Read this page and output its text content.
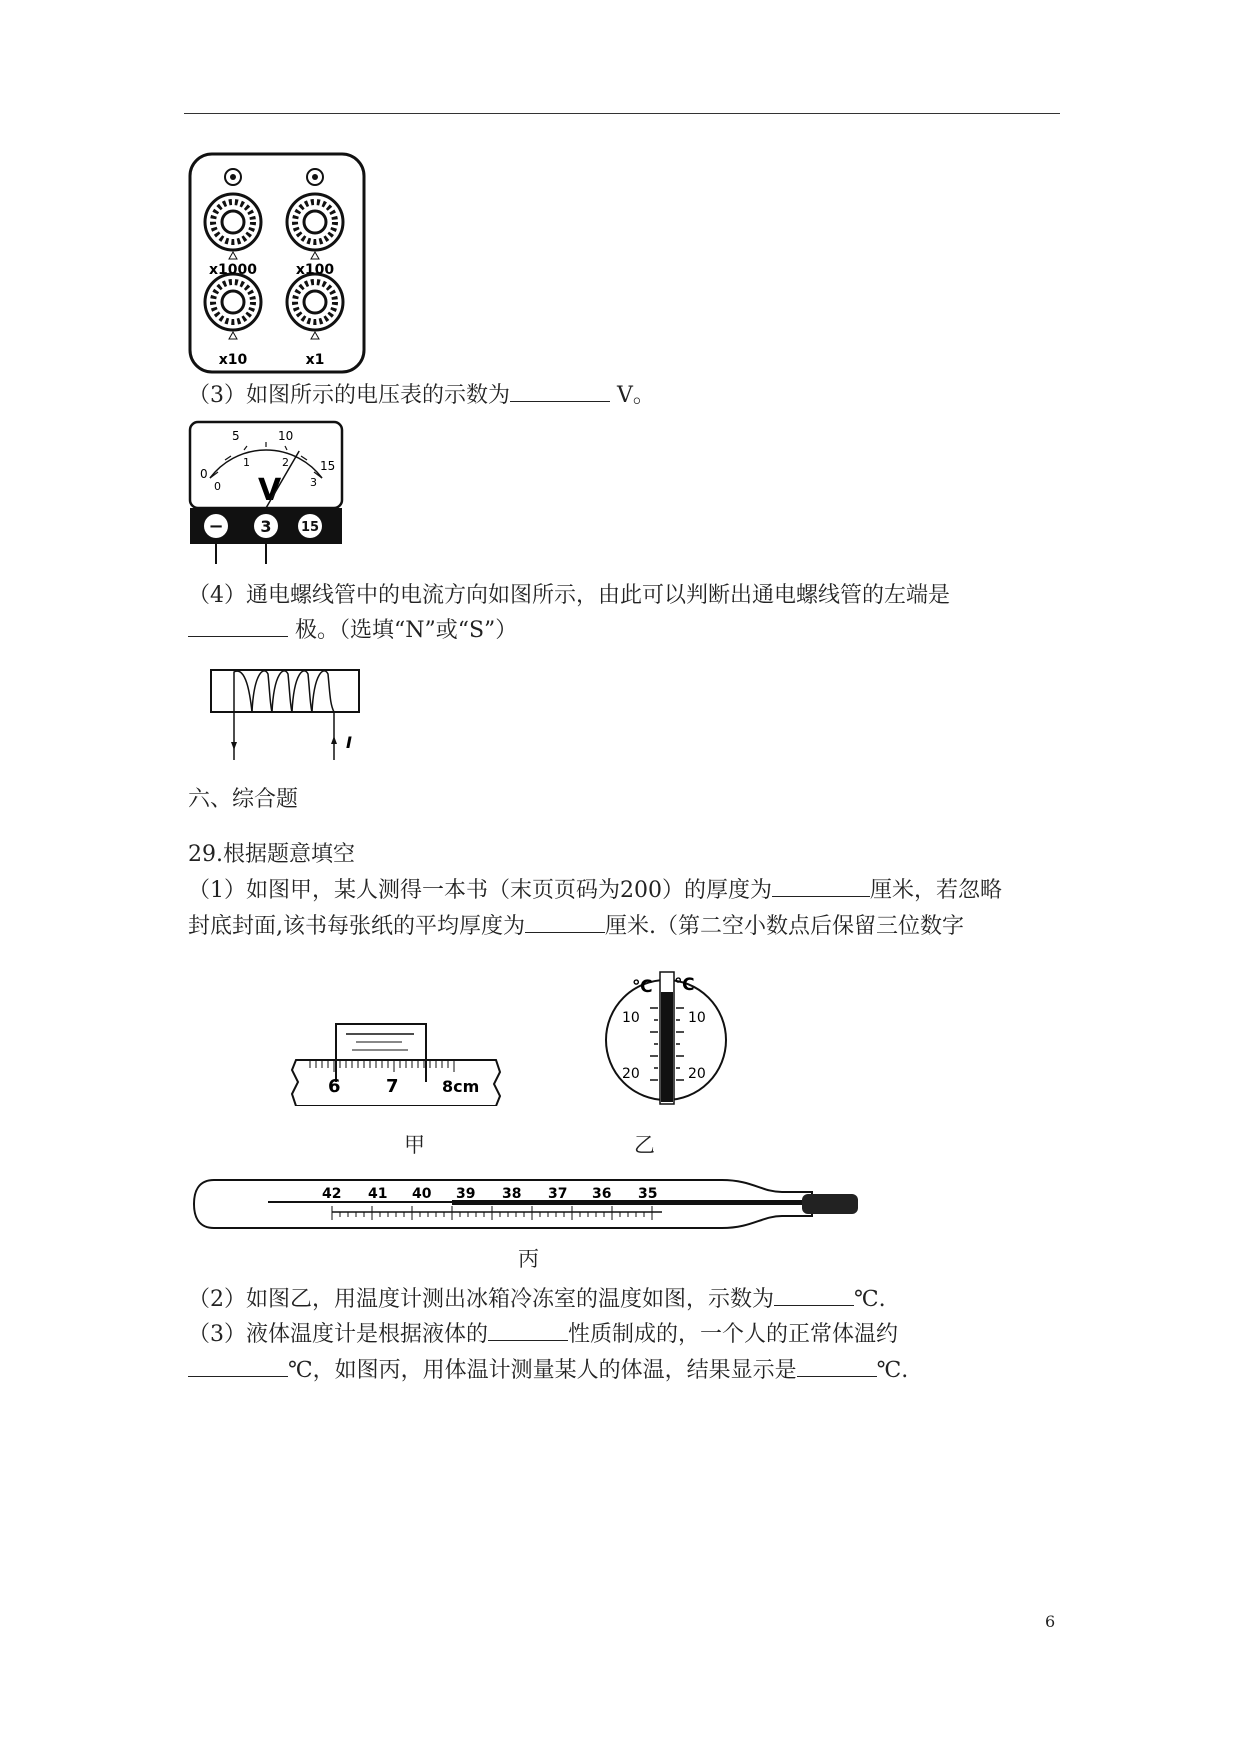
x1000	x100
x10	x1
（3）如图所示的电压表的示数为	V。
0
5	10
15
0
1	2
3
V
− 3 15
（4）通电螺线管中的电流方向如图所示，由此可以判断出通电螺线管的左端是
极。（选填“N”或“S”）
I
六、综合题
29.根据题意填空
（1）如图甲，某人测得一本书（末页页码为200）的厚度为	厘米，若忽略
封底封面,该书每张纸的平均厚度为	厘米.（第二空小数点后保留三位数字
6	7	8cm
甲
℃ ℃
10	10
20	20
乙
42 41 40 39 38 37 36 35
丙
（2）如图乙，用温度计测出冰箱冷冻室的温度如图，示数为	℃.
（3）液体温度计是根据液体的	性质制成的，一个人的正常体温约
℃，如图丙，用体温计测量某人的体温，结果显示是	℃.
6
